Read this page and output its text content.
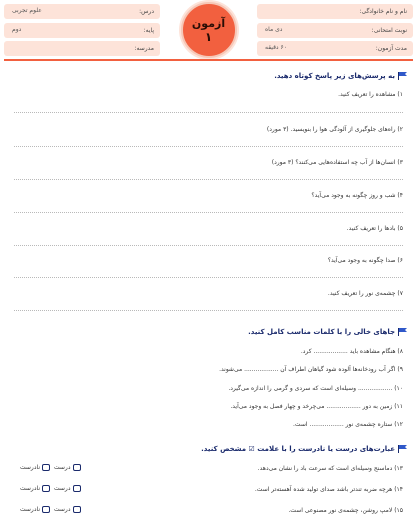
نام و نام خانوادگی:
نوبت امتحانی:
دی ماه
مدت آزمون:
۶۰ دقیقه
آزمون
۱
درس:
علوم تجربی
پایه:
دوم
مدرسه:
به پرسش‌های زیر پاسخ کوتاه دهید.
۱) مشاهده را تعریف کنید.
۲) راه‌های جلوگیری از آلودگی هوا را بنویسید. (۳ مورد)
۳) انسان‌ها از آب چه استفاده‌هایی می‌کنند؟ (۳ مورد)
۴) شب و روز چگونه به وجود می‌آید؟
۵) بادها را تعریف کنید.
۶) صدا چگونه به وجود می‌آید؟
۷) چشمه‌ی نور را تعریف کنید.
جاهای خالی را با کلمات مناسب کامل کنید.
۸) هنگام مشاهده باید .................. کرد.
۹) اگر آب رودخانه‌ها آلوده شود گیاهان اطراف آن .................. می‌شوند.
۱۰) .................. وسیله‌ای است که سردی و گرمی را اندازه می‌گیرد.
۱۱) زمین به دور .................. می‌چرخد و چهار فصل به وجود می‌آید.
۱۲) ستاره چشمه‌ی نور .................. است.
عبارت‌های درست یا نادرست را با علامت ☑ مشخص کنید.
۱۳) دماسنج وسیله‌ای است که سرعت باد را نشان می‌دهد.
درست
نادرست
۱۴) هرچه ضربه تندتر باشد صدای تولید شده آهسته‌تر است.
درست
نادرست
۱۵) لامپ روشن، چشمه‌ی نور مصنوعی است.
درست
نادرست
